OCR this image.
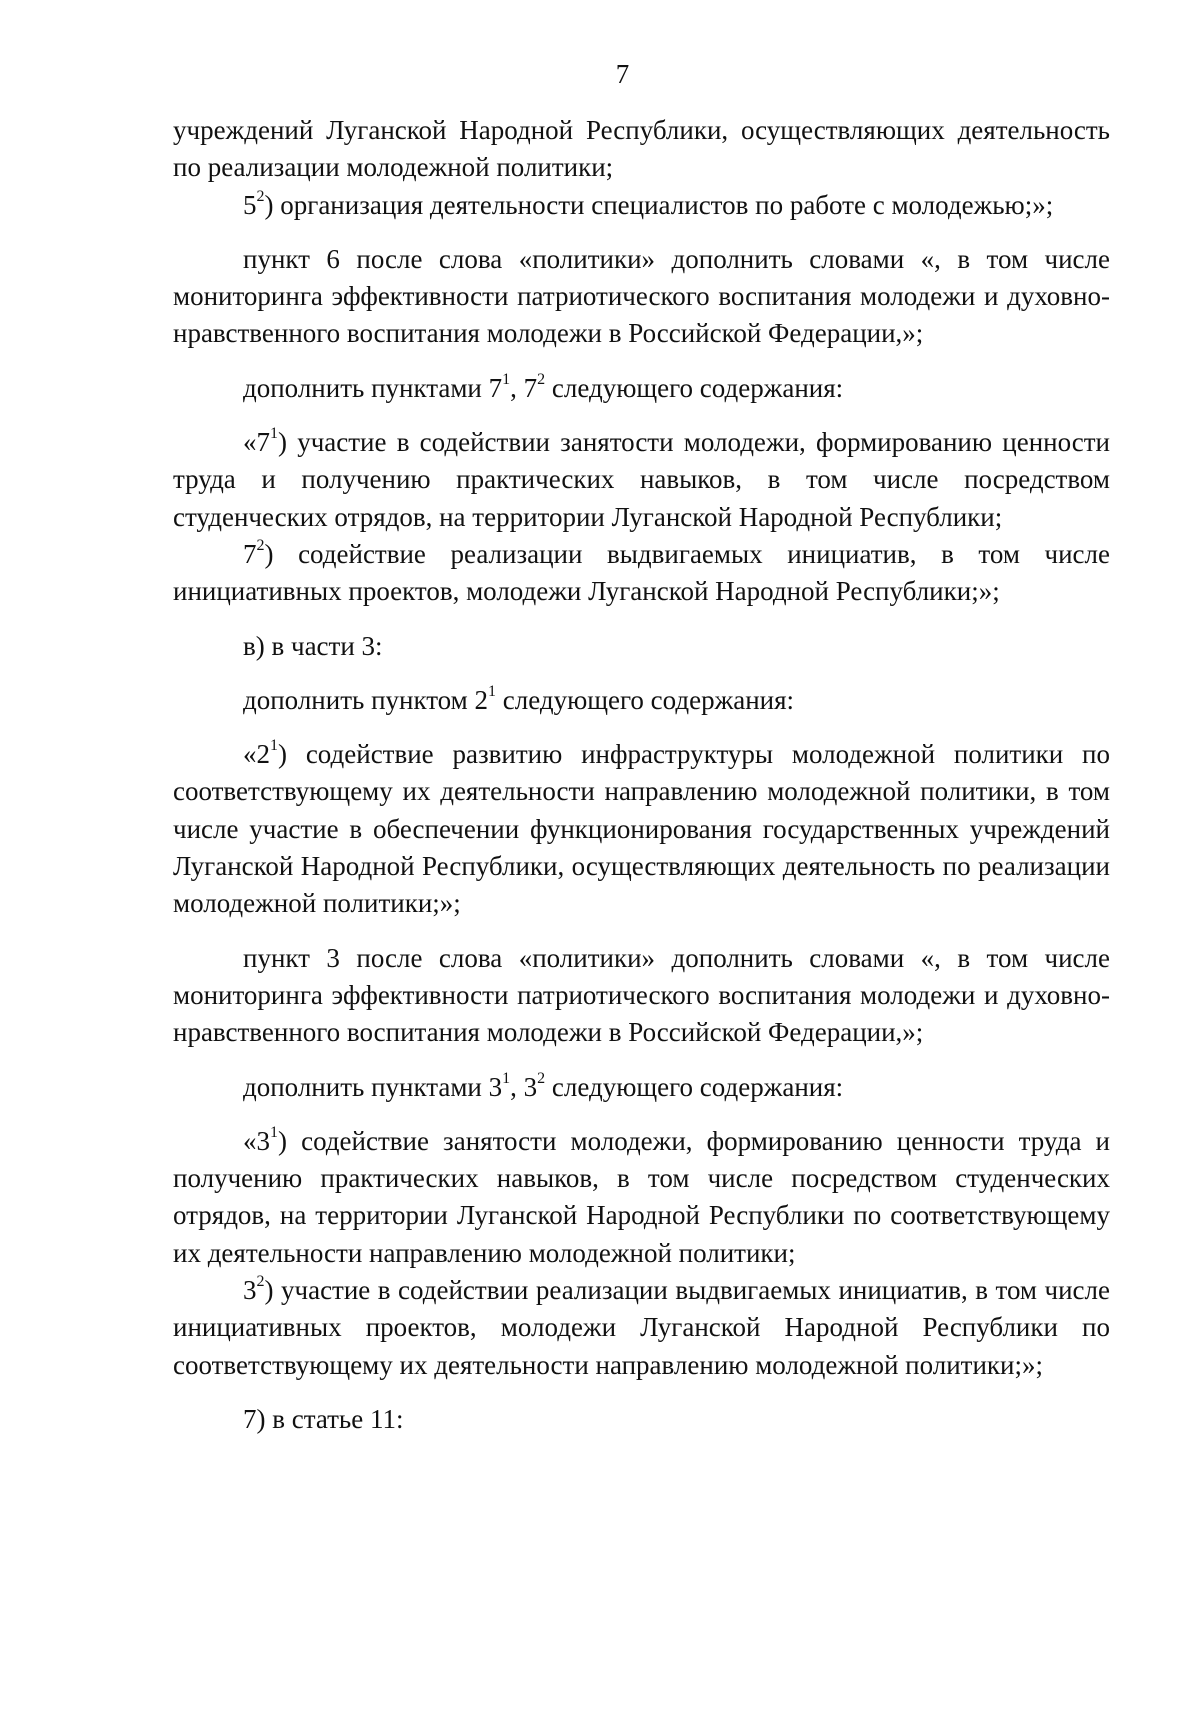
7

учреждений Луганской Народной Республики, осуществляющих деятельность по реализации молодежной политики;

$5^2$) организация деятельности специалистов по работе с молодежью;»;

пункт 6 после слова «политики» дополнить словами «, в том числе мониторинга эффективности патриотического воспитания молодежи и духовно-нравственного воспитания молодежи в Российской Федерации,»;

дополнить пунктами $7^1$, $7^2$ следующего содержания:

«$7^1$) участие в содействии занятости молодежи, формированию ценности труда и получению практических навыков, в том числе посредством студенческих отрядов, на территории Луганской Народной Республики;

$7^2$) содействие реализации выдвигаемых инициатив, в том числе инициативных проектов, молодежи Луганской Народной Республики;»;

в) в части 3:

дополнить пунктом $2^1$ следующего содержания:

«$2^1$) содействие развитию инфраструктуры молодежной политики по соответствующему их деятельности направлению молодежной политики, в том числе участие в обеспечении функционирования государственных учреждений Луганской Народной Республики, осуществляющих деятельность по реализации молодежной политики;»;

пункт 3 после слова «политики» дополнить словами «, в том числе мониторинга эффективности патриотического воспитания молодежи и духовно-нравственного воспитания молодежи в Российской Федерации,»;

дополнить пунктами $3^1$, $3^2$ следующего содержания:

«$3^1$) содействие занятости молодежи, формированию ценности труда и получению практических навыков, в том числе посредством студенческих отрядов, на территории Луганской Народной Республики по соответствующему их деятельности направлению молодежной политики;

$3^2$) участие в содействии реализации выдвигаемых инициатив, в том числе инициативных проектов, молодежи Луганской Народной Республики по соответствующему их деятельности направлению молодежной политики;»;

7) в статье 11:
